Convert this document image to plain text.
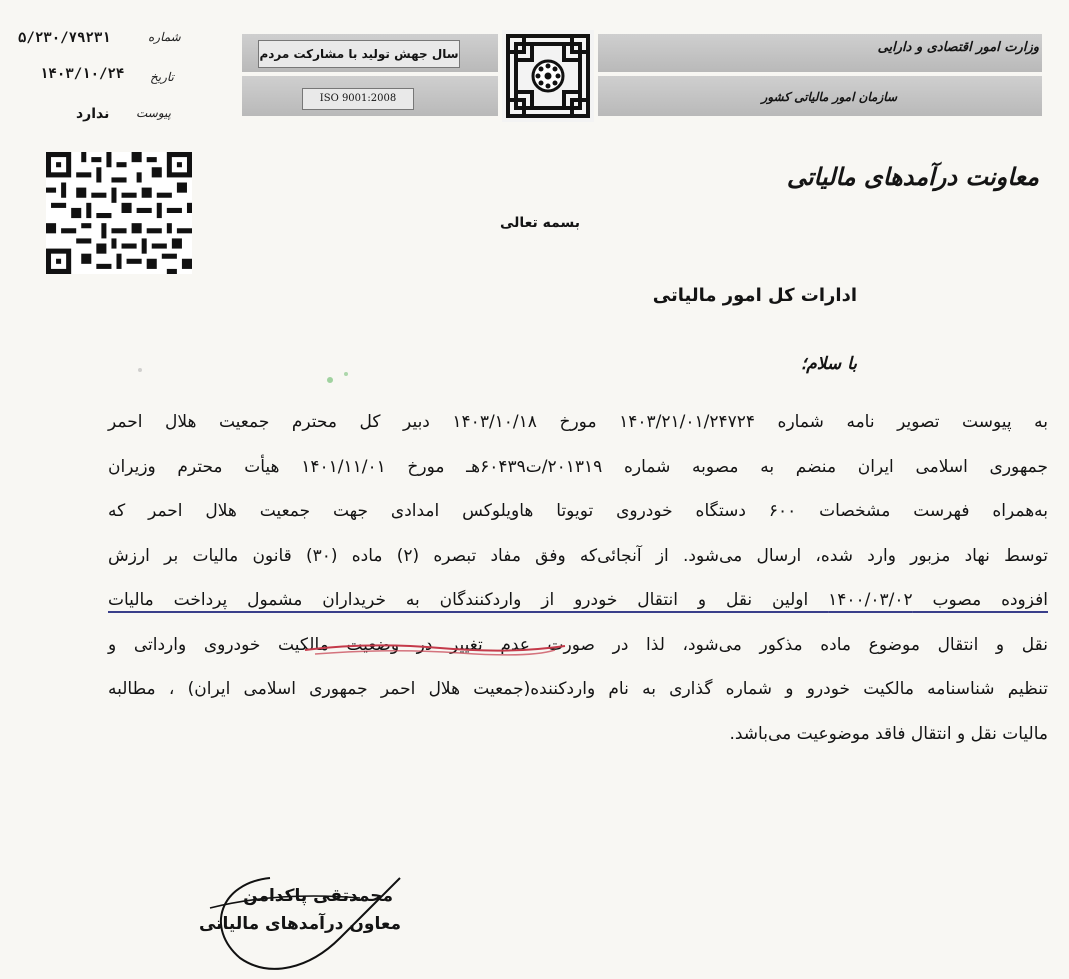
سال جهش تولید با مشارکت مردم
ISO 9001:2008
وزارت امور اقتصادی و دارایی
سازمان امور مالیاتی کشور
شماره
۵/۲۳۰/۷۹۲۳۱
تاریخ
۱۴۰۳/۱۰/۲۴
پیوست
ندارد
معاونت درآمدهای مالیاتی
بسمه تعالی
ادارات کل امور مالیاتی
با سلام؛
به پیوست تصویر نامه شماره ۱۴۰۳/۲۱/۰۱/۲۴۷۲۴ مورخ ۱۴۰۳/۱۰/۱۸ دبیر کل محترم جمعیت هلال احمر
جمهوری اسلامی ایران منضم به مصوبه شماره ۲۰۱۳۱۹/ت۶۰۴۳۹هـ مورخ ۱۴۰۱/۱۱/۰۱ هیأت محترم وزیران
به‌همراه فهرست مشخصات ۶۰۰ دستگاه خودروی تویوتا هاویلوکس امدادی جهت جمعیت هلال احمر که
توسط نهاد مزبور وارد شده، ارسال می‌شود. از آنجائی‌که وفق مفاد تبصره (۲) ماده (۳۰) قانون مالیات بر ارزش
افزوده مصوب ۱۴۰۰/۰۳/۰۲ اولین نقل و انتقال خودرو از واردکنندگان به خریداران مشمول پرداخت مالیات
نقل و انتقال موضوع ماده مذکور می‌شود، لذا در صورت عدم تغییر در وضعیت مالکیت خودروی وارداتی و
تنظیم شناسنامه مالکیت خودرو و شماره گذاری به نام واردکننده(جمعیت هلال احمر جمهوری اسلامی ایران) ، مطالبه
مالیات نقل و انتقال فاقد موضوعیت می‌باشد.
محمدتقی پاکدامن
معاون درآمدهای مالیاتی
